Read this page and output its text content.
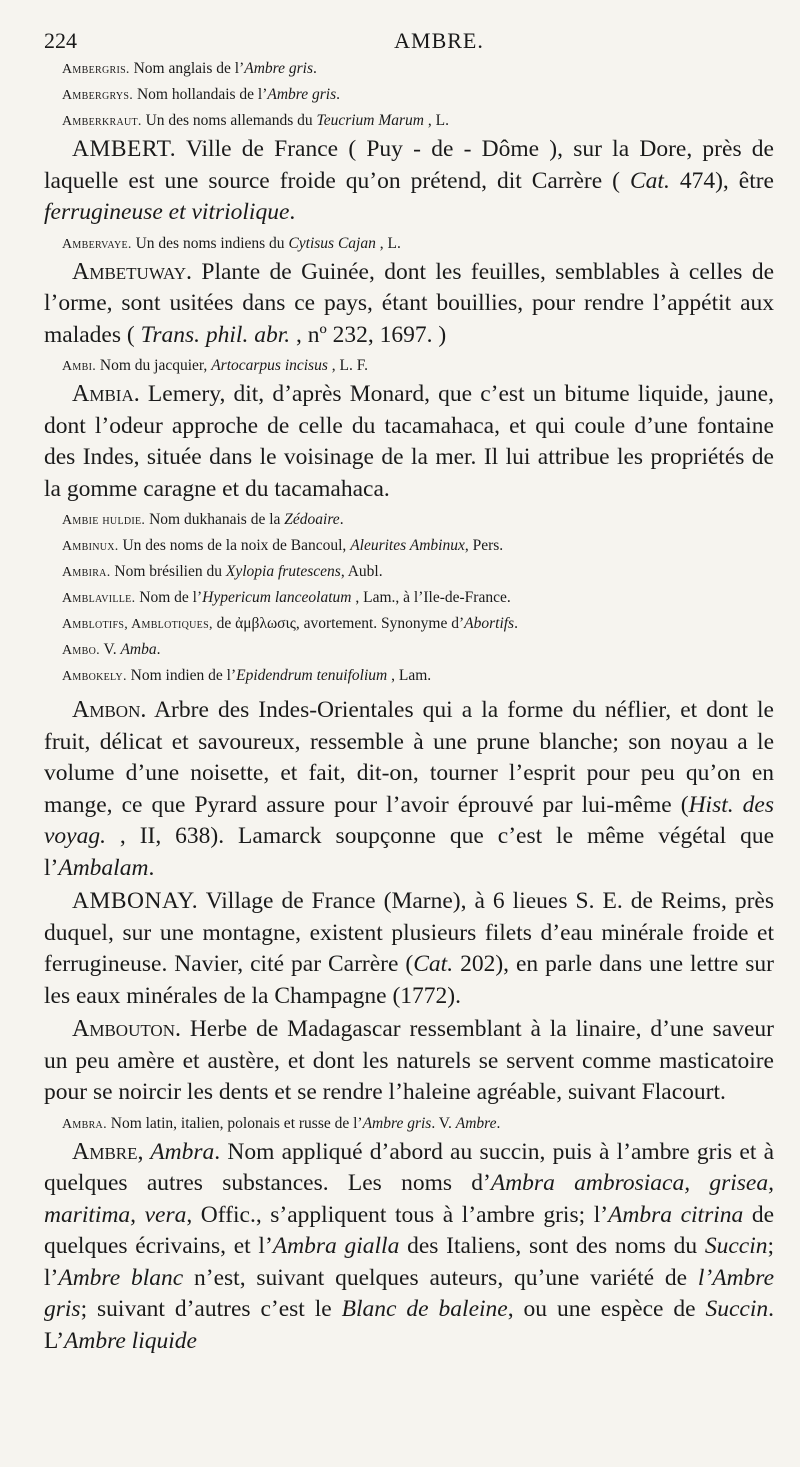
224	AMBRE.

Ambergris. Nom anglais de l’Ambre gris.

Ambergrys. Nom hollandais de l’Ambre gris.

Amberkraut. Un des noms allemands du Teucrium Marum , L.

AMBERT. Ville de France ( Puy - de - Dôme ), sur la Dore, près de laquelle est une source froide qu’on prétend, dit Carrère ( Cat. 474), être ferrugineuse et vitriolique.

Ambervaye. Un des noms indiens du Cytisus Cajan , L.

Ambetuway. Plante de Guinée, dont les feuilles, semblables à celles de l’orme, sont usitées dans ce pays, étant bouillies, pour rendre l’appétit aux malades ( Trans. phil. abr. , nº 232, 1697. )

Ambi. Nom du jacquier, Artocarpus incisus , L. F.

Ambia. Lemery, dit, d’après Monard, que c’est un bitume liquide, jaune, dont l’odeur approche de celle du tacamahaca, et qui coule d’une fontaine des Indes, située dans le voisinage de la mer. Il lui attribue les propriétés de la gomme caragne et du tacamahaca.

Ambie huldie. Nom dukhanais de la Zédoaire.

Ambinux. Un des noms de la noix de Bancoul, Aleurites Ambinux, Pers.

Ambira. Nom brésilien du Xylopia frutescens, Aubl.

Amblaville. Nom de l’Hypericum lanceolatum , Lam., à l’Ile-de-France.

Amblotifs, Amblotiques, de ἀμβλωσις, avortement. Synonyme d’Abortifs.

Ambo. V. Amba.

Ambokely. Nom indien de l’Epidendrum tenuifolium , Lam.

Ambon. Arbre des Indes-Orientales qui a la forme du néflier, et dont le fruit, délicat et savoureux, ressemble à une prune blanche; son noyau a le volume d’une noisette, et fait, dit-on, tourner l’esprit pour peu qu’on en mange, ce que Pyrard assure pour l’avoir éprouvé par lui-même (Hist. des voyag. , II, 638). Lamarck soupçonne que c’est le même végétal que l’Ambalam.

AMBONAY. Village de France (Marne), à 6 lieues S. E. de Reims, près duquel, sur une montagne, existent plusieurs filets d’eau minérale froide et ferrugineuse. Navier, cité par Carrère (Cat. 202), en parle dans une lettre sur les eaux minérales de la Champagne (1772).

Ambouton. Herbe de Madagascar ressemblant à la linaire, d’une saveur un peu amère et austère, et dont les naturels se servent comme masticatoire pour se noircir les dents et se rendre l’haleine agréable, suivant Flacourt.

Ambra. Nom latin, italien, polonais et russe de l’Ambre gris. V. Ambre.

Ambre, Ambra. Nom appliqué d’abord au succin, puis à l’ambre gris et à quelques autres substances. Les noms d’Ambra ambrosiaca, grisea, maritima, vera, Offic., s’appliquent tous à l’ambre gris; l’Ambra citrina de quelques écrivains, et l’Ambra gialla des Italiens, sont des noms du Succin; l’Ambre blanc n’est, suivant quelques auteurs, qu’une variété de l’Ambre gris; suivant d’autres c’est le Blanc de baleine, ou une espèce de Succin. L’Ambre liquide
